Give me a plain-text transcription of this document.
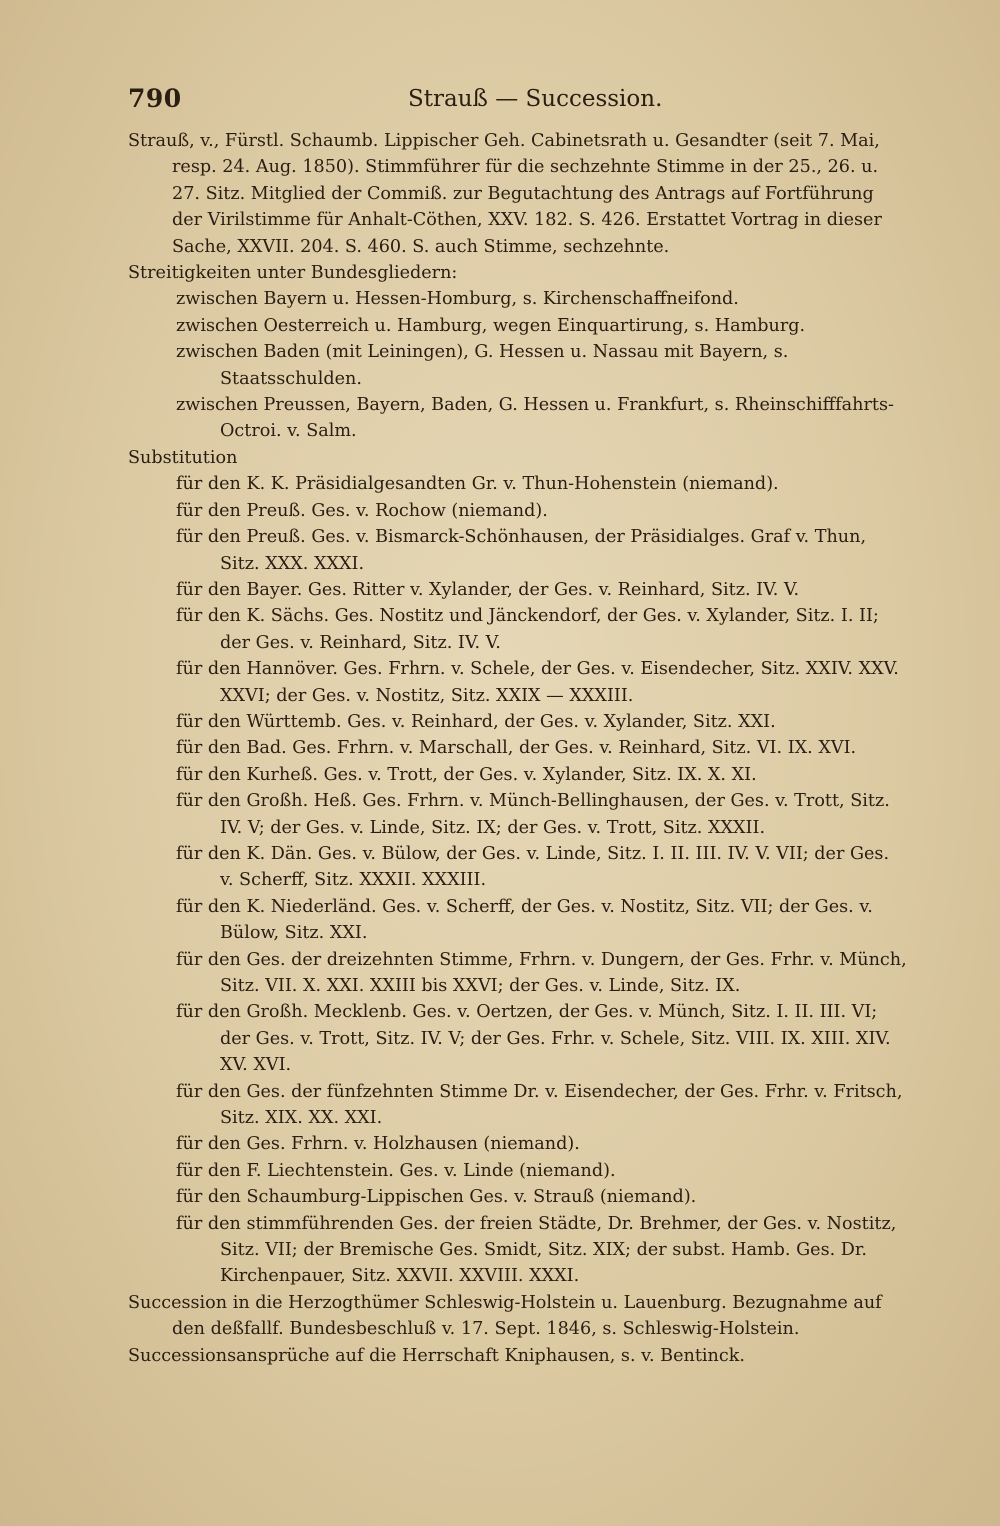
790	Strauß — Succession.

Strauß, v., Fürstl. Schaumb. Lippischer Geh. Cabinetsrath u. Gesandter (seit 7. Mai, resp. 24. Aug. 1850). Stimmführer für die sechzehnte Stimme in der 25., 26. u. 27. Sitz. Mitglied der Commiß. zur Begutachtung des Antrags auf Fortführung der Virilstimme für Anhalt-Cöthen, XXV. 182. S. 426. Erstattet Vortrag in dieser Sache, XXVII. 204. S. 460. S. auch Stimme, sechzehnte.

Streitigkeiten unter Bundesgliedern:

zwischen Bayern u. Hessen-Homburg, s. Kirchenschaffneifond.

zwischen Oesterreich u. Hamburg, wegen Einquartirung, s. Hamburg.

zwischen Baden (mit Leiningen), G. Hessen u. Nassau mit Bayern, s. Staatsschulden.

zwischen Preussen, Bayern, Baden, G. Hessen u. Frankfurt, s. Rheinschifffahrts-Octroi. v. Salm.

Substitution

für den K. K. Präsidialgesandten Gr. v. Thun-Hohenstein (niemand).

für den Preuß. Ges. v. Rochow (niemand).

für den Preuß. Ges. v. Bismarck-Schönhausen, der Präsidialges. Graf v. Thun, Sitz. XXX. XXXI.

für den Bayer. Ges. Ritter v. Xylander, der Ges. v. Reinhard, Sitz. IV. V.

für den K. Sächs. Ges. Nostitz und Jänckendorf, der Ges. v. Xylander, Sitz. I. II; der Ges. v. Reinhard, Sitz. IV. V.

für den Hannöver. Ges. Frhrn. v. Schele, der Ges. v. Eisendecher, Sitz. XXIV. XXV. XXVI; der Ges. v. Nostitz, Sitz. XXIX — XXXIII.

für den Württemb. Ges. v. Reinhard, der Ges. v. Xylander, Sitz. XXI.

für den Bad. Ges. Frhrn. v. Marschall, der Ges. v. Reinhard, Sitz. VI. IX. XVI.

für den Kurheß. Ges. v. Trott, der Ges. v. Xylander, Sitz. IX. X. XI.

für den Großh. Heß. Ges. Frhrn. v. Münch-Bellinghausen, der Ges. v. Trott, Sitz. IV. V; der Ges. v. Linde, Sitz. IX; der Ges. v. Trott, Sitz. XXXII.

für den K. Dän. Ges. v. Bülow, der Ges. v. Linde, Sitz. I. II. III. IV. V. VII; der Ges. v. Scherff, Sitz. XXXII. XXXIII.

für den K. Niederländ. Ges. v. Scherff, der Ges. v. Nostitz, Sitz. VII; der Ges. v. Bülow, Sitz. XXI.

für den Ges. der dreizehnten Stimme, Frhrn. v. Dungern, der Ges. Frhr. v. Münch, Sitz. VII. X. XXI. XXIII bis XXVI; der Ges. v. Linde, Sitz. IX.

für den Großh. Mecklenb. Ges. v. Oertzen, der Ges. v. Münch, Sitz. I. II. III. VI; der Ges. v. Trott, Sitz. IV. V; der Ges. Frhr. v. Schele, Sitz. VIII. IX. XIII. XIV. XV. XVI.

für den Ges. der fünfzehnten Stimme Dr. v. Eisendecher, der Ges. Frhr. v. Fritsch, Sitz. XIX. XX. XXI.

für den Ges. Frhrn. v. Holzhausen (niemand).

für den F. Liechtenstein. Ges. v. Linde (niemand).

für den Schaumburg-Lippischen Ges. v. Strauß (niemand).

für den stimmführenden Ges. der freien Städte, Dr. Brehmer, der Ges. v. Nostitz, Sitz. VII; der Bremische Ges. Smidt, Sitz. XIX; der subst. Hamb. Ges. Dr. Kirchenpauer, Sitz. XXVII. XXVIII. XXXI.

Succession in die Herzogthümer Schleswig-Holstein u. Lauenburg. Bezugnahme auf den deßfallf. Bundesbeschluß v. 17. Sept. 1846, s. Schleswig-Holstein.

Successionsansprüche auf die Herrschaft Kniphausen, s. v. Bentinck.
